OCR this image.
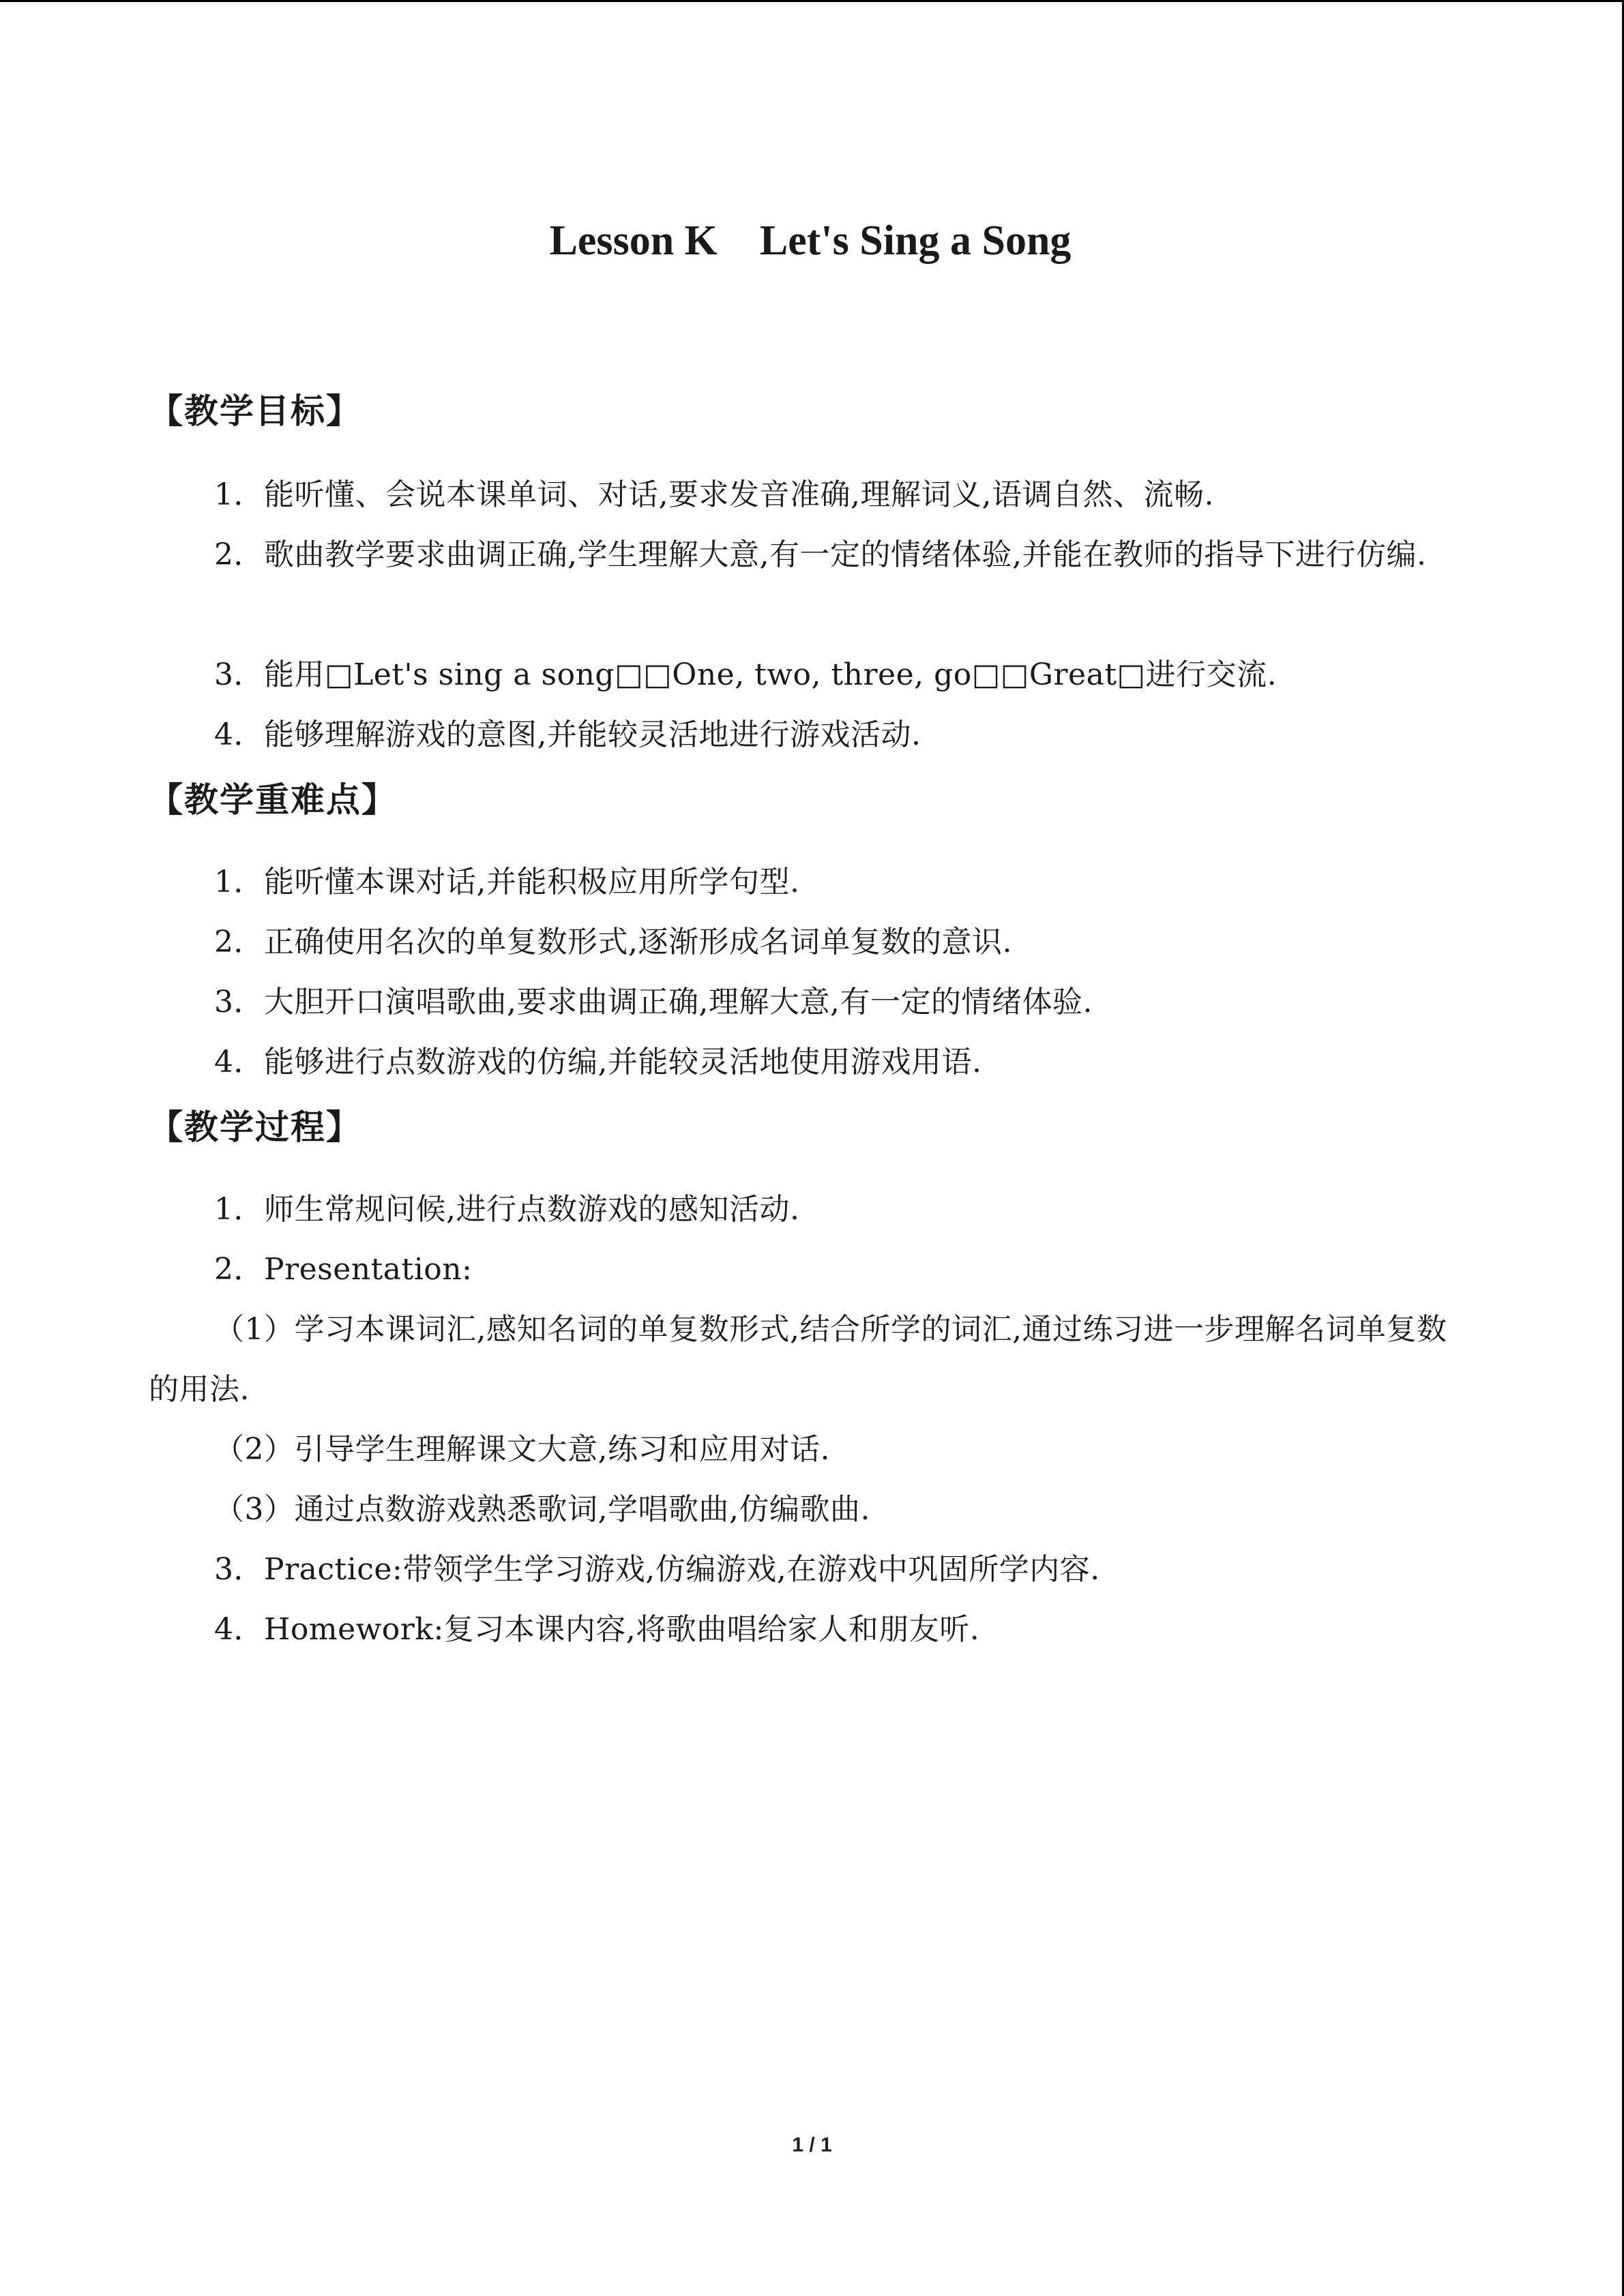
Lesson K    Let's Sing a Song
【教学目标】
1．能听懂、会说本课单词、对话,要求发音准确,理解词义,语调自然、流畅.
2．歌曲教学要求曲调正确,学生理解大意,有一定的情绪体验,并能在教师的指导下进行仿编.
3．能用□Let's sing a song□□One, two, three, go□□Great□进行交流.
4．能够理解游戏的意图,并能较灵活地进行游戏活动.
【教学重难点】
1．能听懂本课对话,并能积极应用所学句型.
2．正确使用名次的单复数形式,逐渐形成名词单复数的意识.
3．大胆开口演唱歌曲,要求曲调正确,理解大意,有一定的情绪体验.
4．能够进行点数游戏的仿编,并能较灵活地使用游戏用语.
【教学过程】
1．师生常规问候,进行点数游戏的感知活动.
2．Presentation:
（1）学习本课词汇,感知名词的单复数形式,结合所学的词汇,通过练习进一步理解名词单复数的用法.
（2）引导学生理解课文大意,练习和应用对话.
（3）通过点数游戏熟悉歌词,学唱歌曲,仿编歌曲.
3．Practice:带领学生学习游戏,仿编游戏,在游戏中巩固所学内容.
4．Homework:复习本课内容,将歌曲唱给家人和朋友听.
1 / 1
